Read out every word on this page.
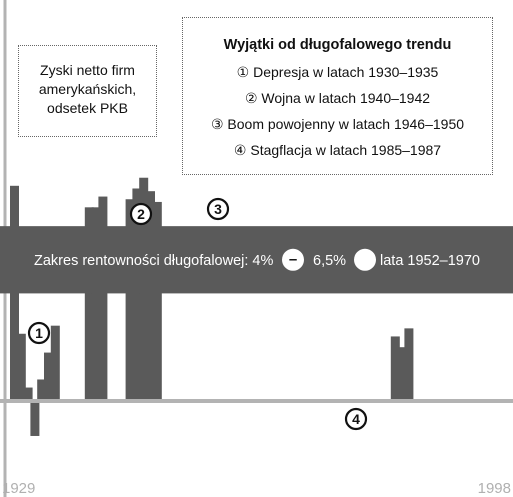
Zakres rentowności długofalowej: 4% – 6,5% lata 1952–1970
1
2	3
4
Zyski netto firm
amerykańskich,
odsetek PKB
Wyjątki od długofalowego trendu
① Depresja w latach 1930–1935
② Wojna w latach 1940–1942
③ Boom powojenny w latach 1946–1950
④ Stagflacja w latach 1985–1987
1929	1998
